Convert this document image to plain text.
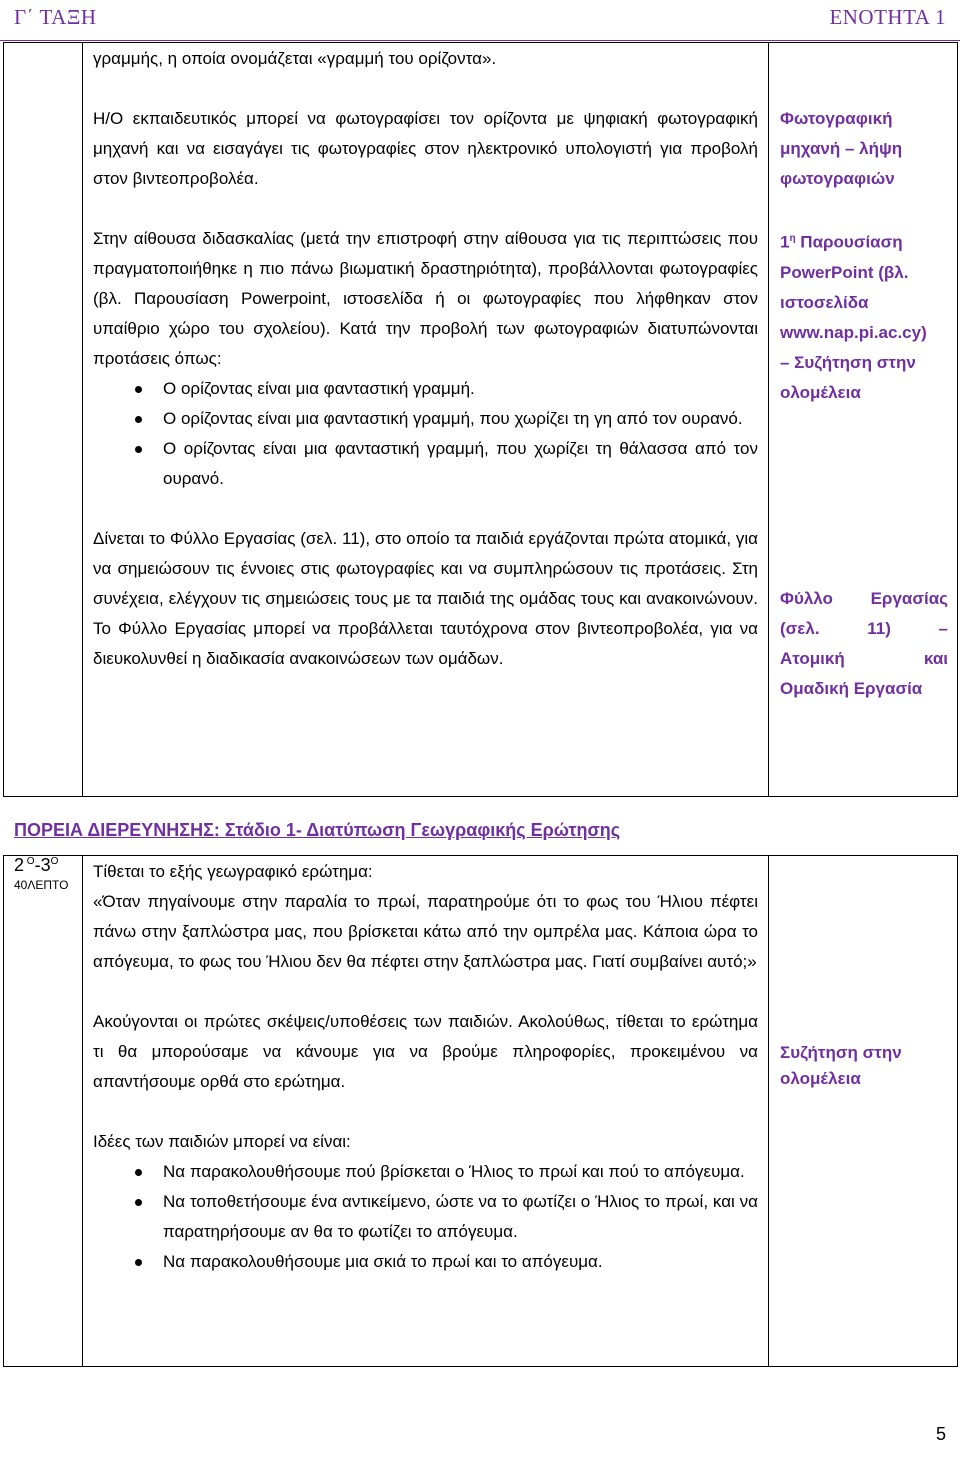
Γ΄ ΤΑΞΗ	ΕΝΟΤΗΤΑ 1

γραμμής, η οποία ονομάζεται «γραμμή του ορίζοντα».

Η/Ο εκπαιδευτικός μπορεί να φωτογραφίσει τον ορίζοντα με ψηφιακή φωτογραφική μηχανή και να εισαγάγει τις φωτογραφίες στον ηλεκτρονικό υπολογιστή για προβολή στον βιντεοπροβολέα.

Στην αίθουσα διδασκαλίας (μετά την επιστροφή στην αίθουσα για τις περιπτώσεις που πραγματοποιήθηκε η πιο πάνω βιωματική δραστηριότητα), προβάλλονται φωτογραφίες (βλ. Παρουσίαση Powerpoint, ιστοσελίδα ή οι φωτογραφίες που λήφθηκαν στον υπαίθριο χώρο του σχολείου). Κατά την προβολή των φωτογραφιών διατυπώνονται προτάσεις όπως:

Ο ορίζοντας είναι μια φανταστική γραμμή.
Ο ορίζοντας είναι μια φανταστική γραμμή, που χωρίζει τη γη από τον ουρανό.
Ο ορίζοντας είναι μια φανταστική γραμμή, που χωρίζει τη θάλασσα από τον ουρανό.

Δίνεται το Φύλλο Εργασίας (σελ. 11), στο οποίο τα παιδιά εργάζονται πρώτα ατομικά, για να σημειώσουν τις έννοιες στις φωτογραφίες και να συμπληρώσουν τις προτάσεις. Στη συνέχεια, ελέγχουν τις σημειώσεις τους με τα παιδιά της ομάδας τους και ανακοινώνουν. Το Φύλλο Εργασίας μπορεί να προβάλλεται ταυτόχρονα στον βιντεοπροβολέα, για να διευκολυνθεί η διαδικασία ανακοινώσεων των ομάδων.

Φωτογραφική

μηχανή – λήψη

φωτογραφιών

$1^\eta$ Παρουσίαση

PowerPoint (βλ.

ιστοσελίδα

www.nap.pi.ac.cy)

– Συζήτηση στην

ολομέλεια

Φύλλο Εργασίας

(σελ. 11) –

Ατομική και

Ομαδική Εργασία

ΠΟΡΕΙΑ ΔΙΕΡΕΥΝΗΣΗΣ: Στάδιο 1- Διατύπωση Γεωγραφικής Ερώτησης
2 $^O-3^O$
40ΛΕΠΤΟ

Τίθεται το εξής γεωγραφικό ερώτημα:

«Όταν πηγαίνουμε στην παραλία το πρωί, παρατηρούμε ότι το φως του Ήλιου πέφτει πάνω στην ξαπλώστρα μας, που βρίσκεται κάτω από την ομπρέλα μας. Κάποια ώρα το απόγευμα, το φως του Ήλιου δεν θα πέφτει στην ξαπλώστρα μας. Γιατί συμβαίνει αυτό;»

Ακούγονται οι πρώτες σκέψεις/υποθέσεις των παιδιών. Ακολούθως, τίθεται το ερώτημα τι θα μπορούσαμε να κάνουμε για να βρούμε πληροφορίες, προκειμένου να απαντήσουμε ορθά στο ερώτημα.

Ιδέες των παιδιών μπορεί να είναι:

Να παρακολουθήσουμε πού βρίσκεται ο Ήλιος το πρωί και πού το απόγευμα.
Να τοποθετήσουμε ένα αντικείμενο, ώστε να το φωτίζει ο Ήλιος το πρωί, και να παρατηρήσουμε αν θα το φωτίζει το απόγευμα.
Να παρακολουθήσουμε μια σκιά το πρωί και το απόγευμα.

Συζήτηση στην

ολομέλεια

5
